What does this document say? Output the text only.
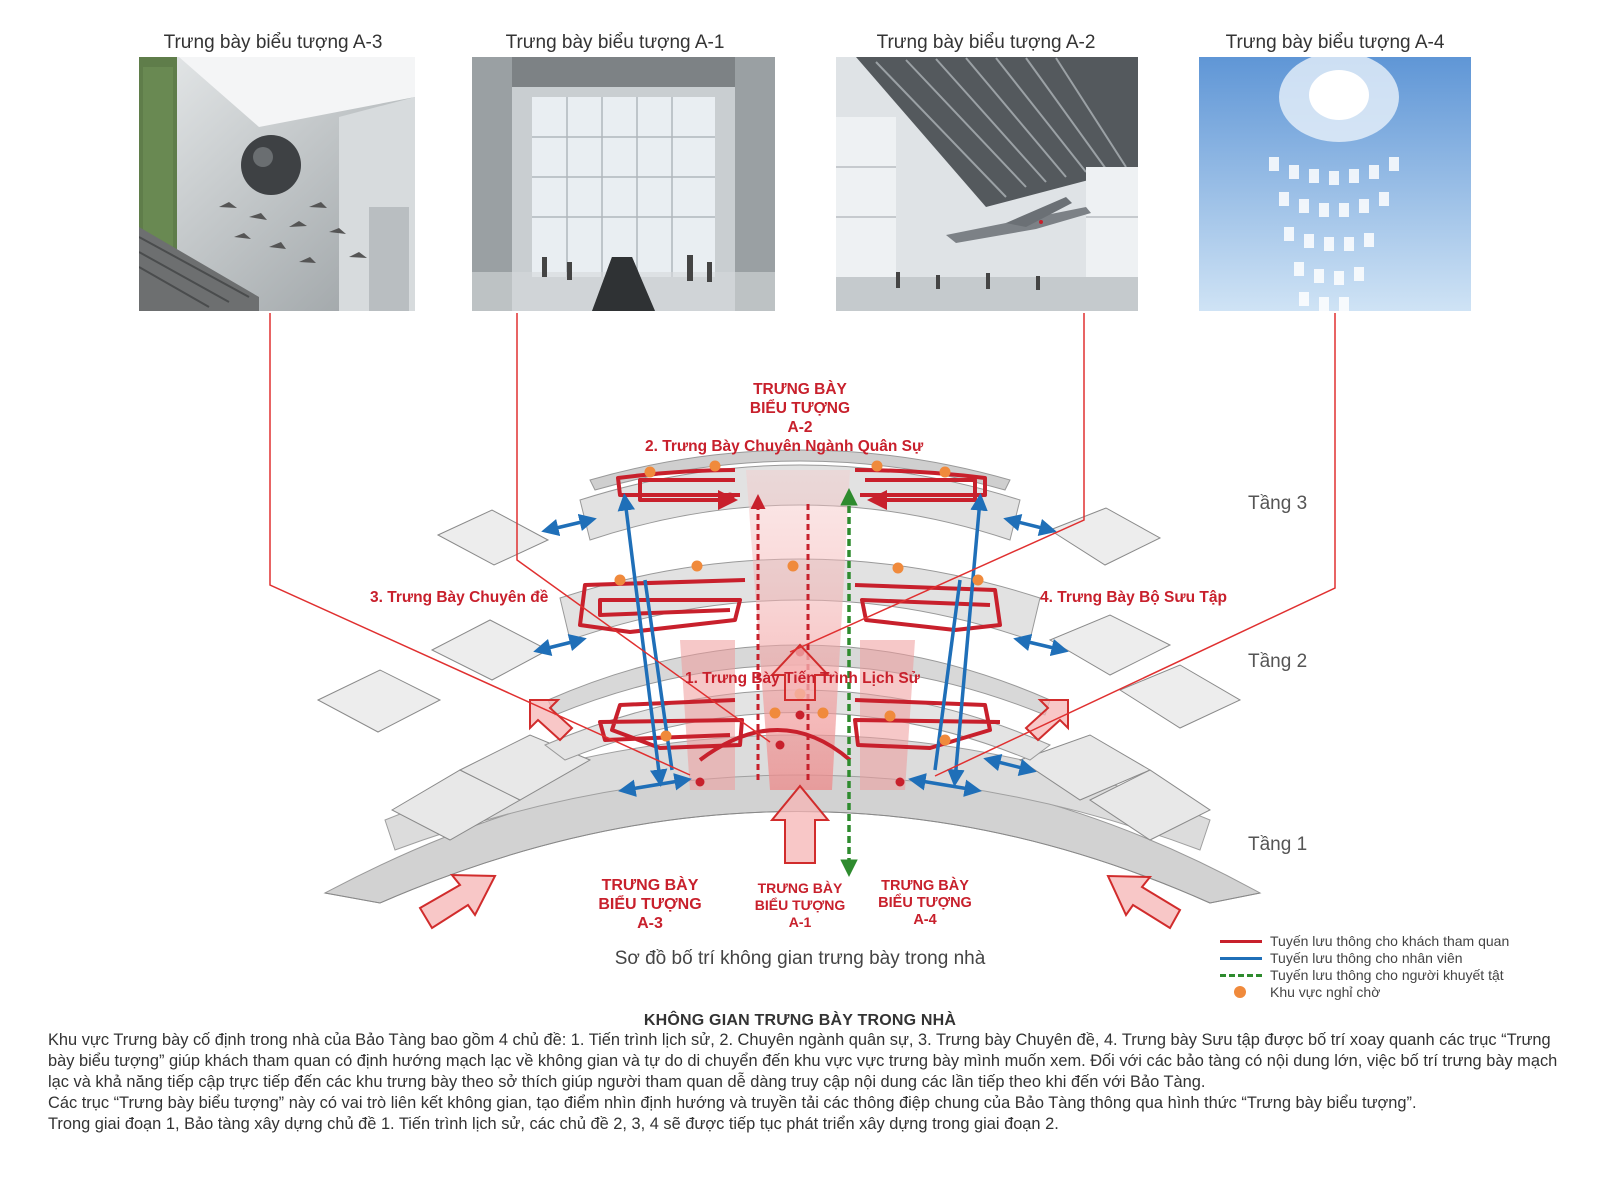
Trưng bày biểu tượng A-3	Trưng bày biểu tượng A-1	Trưng bày biểu tượng A-2	Trưng bày biểu tượng A-4
TRƯNG BÀY
BIỂU TƯỢNG
A-2
2. Trưng Bày Chuyên Ngành Quân Sự
3. Trưng Bày Chuyên đề	4. Trưng Bày Bộ Sưu Tập
1. Trưng Bày Tiến Trình Lịch Sử
TRƯNG BÀY
BIỂU TƯỢNG
A-3
TRƯNG BÀY
BIỂU TƯỢNG
A-1
TRƯNG BÀY
BIỂU TƯỢNG
A-4
Tầng 3
Tầng 2
Tầng 1
Sơ đồ bố trí không gian trưng bày trong nhà
Tuyến lưu thông cho khách tham quan
Tuyến lưu thông cho nhân viên
Tuyến lưu thông cho người khuyết tật
Khu vực nghỉ chờ
KHÔNG GIAN TRƯNG BÀY TRONG NHÀ

Khu vực Trưng bày cố định trong nhà của Bảo Tàng bao gồm 4 chủ đề: 1. Tiến trình lịch sử, 2. Chuyên ngành quân sự, 3. Trưng bày Chuyên đề, 4. Trưng bày Sưu tập được bố trí xoay quanh các trục “Trưng bày biểu tượng” giúp khách tham quan có định hướng mạch lạc về không gian và tự do di chuyển đến khu vực vực trưng bày mình muốn xem. Đối với các bảo tàng có nội dung lớn, việc bố trí trưng bày mạch lạc và khả năng tiếp cập trực tiếp đến các khu trưng bày theo sở thích giúp người tham quan dễ dàng truy cập nội dung các lần tiếp theo khi đến với Bảo Tàng.

Các trục “Trưng bày biểu tượng” này có vai trò liên kết không gian, tạo điểm nhìn định hướng và truyền tải các thông điệp chung của Bảo Tàng thông qua hình thức “Trưng bày biểu tượng”.

Trong giai đoạn 1, Bảo tàng xây dựng chủ đề 1. Tiến trình lịch sử, các chủ đề 2, 3, 4 sẽ được tiếp tục phát triển xây dựng trong giai đoạn 2.
